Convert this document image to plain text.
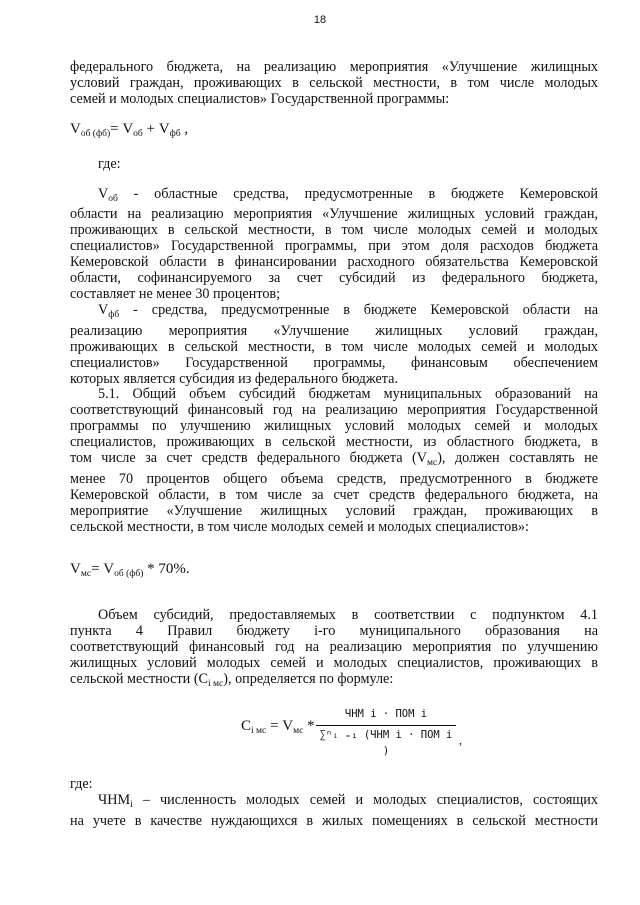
18

федерального бюджета, на реализацию мероприятия «Улучшение жилищных

условий граждан, проживающих в сельской местности, в том числе молодых

семей и молодых специалистов» Государственной программы:

$V_{об (фб)}= V_{об} + V_{фб}$ ,

где:

$V_{об}$ - областные средства, предусмотренные в бюджете Кемеровской

области на реализацию мероприятия «Улучшение жилищных условий граждан,

проживающих в сельской местности, в том числе молодых семей и молодых

специалистов» Государственной программы, при этом доля расходов бюджета

Кемеровской области в финансировании расходного обязательства Кемеровской

области, софинансируемого за счет субсидий из федерального бюджета,

составляет не менее 30 процентов;

$V_{фб}$ - средства, предусмотренные в бюджете Кемеровской области на

реализацию мероприятия «Улучшение жилищных условий граждан,

проживающих в сельской местности, в том числе молодых семей и молодых

специалистов» Государственной программы, финансовым обеспечением

которых является субсидия из федерального бюджета.

5.1. Общий объем субсидий бюджетам муниципальных образований на

соответствующий финансовый год на реализацию мероприятия Государственной

программы по улучшению жилищных условий молодых семей и молодых

специалистов, проживающих в сельской местности, из областного бюджета, в

том числе за счет средств федерального бюджета $(V_{мс})$, должен составлять не

менее 70 процентов общего объема средств, предусмотренного в бюджете

Кемеровской области, в том числе за счет средств федерального бюджета, на

мероприятие «Улучшение жилищных условий граждан, проживающих в

сельской местности, в том числе молодых семей и молодых специалистов»:

$V_{мс}= V_{об (фб)} * 70\%$.

Объем субсидий, предоставляемых в соответствии с подпунктом 4.1

пункта 4 Правил бюджету i-го муниципального образования на

соответствующий финансовый год на реализацию мероприятия по улучшению

жилищных условий молодых семей и молодых специалистов, проживающих в

сельской местности $(С_{i мс})$, определяется по формуле:

$С_{i мс} = V_{мс}$ *
ЧНМ i · ПОМ i
∑ⁿᵢ ₌₁ (ЧНМ i · ПОМ i )
,

где:

$ЧНМ_i$ – численность молодых семей и молодых специалистов, состоящих

на учете в качестве нуждающихся в жилых помещениях в сельской местности
